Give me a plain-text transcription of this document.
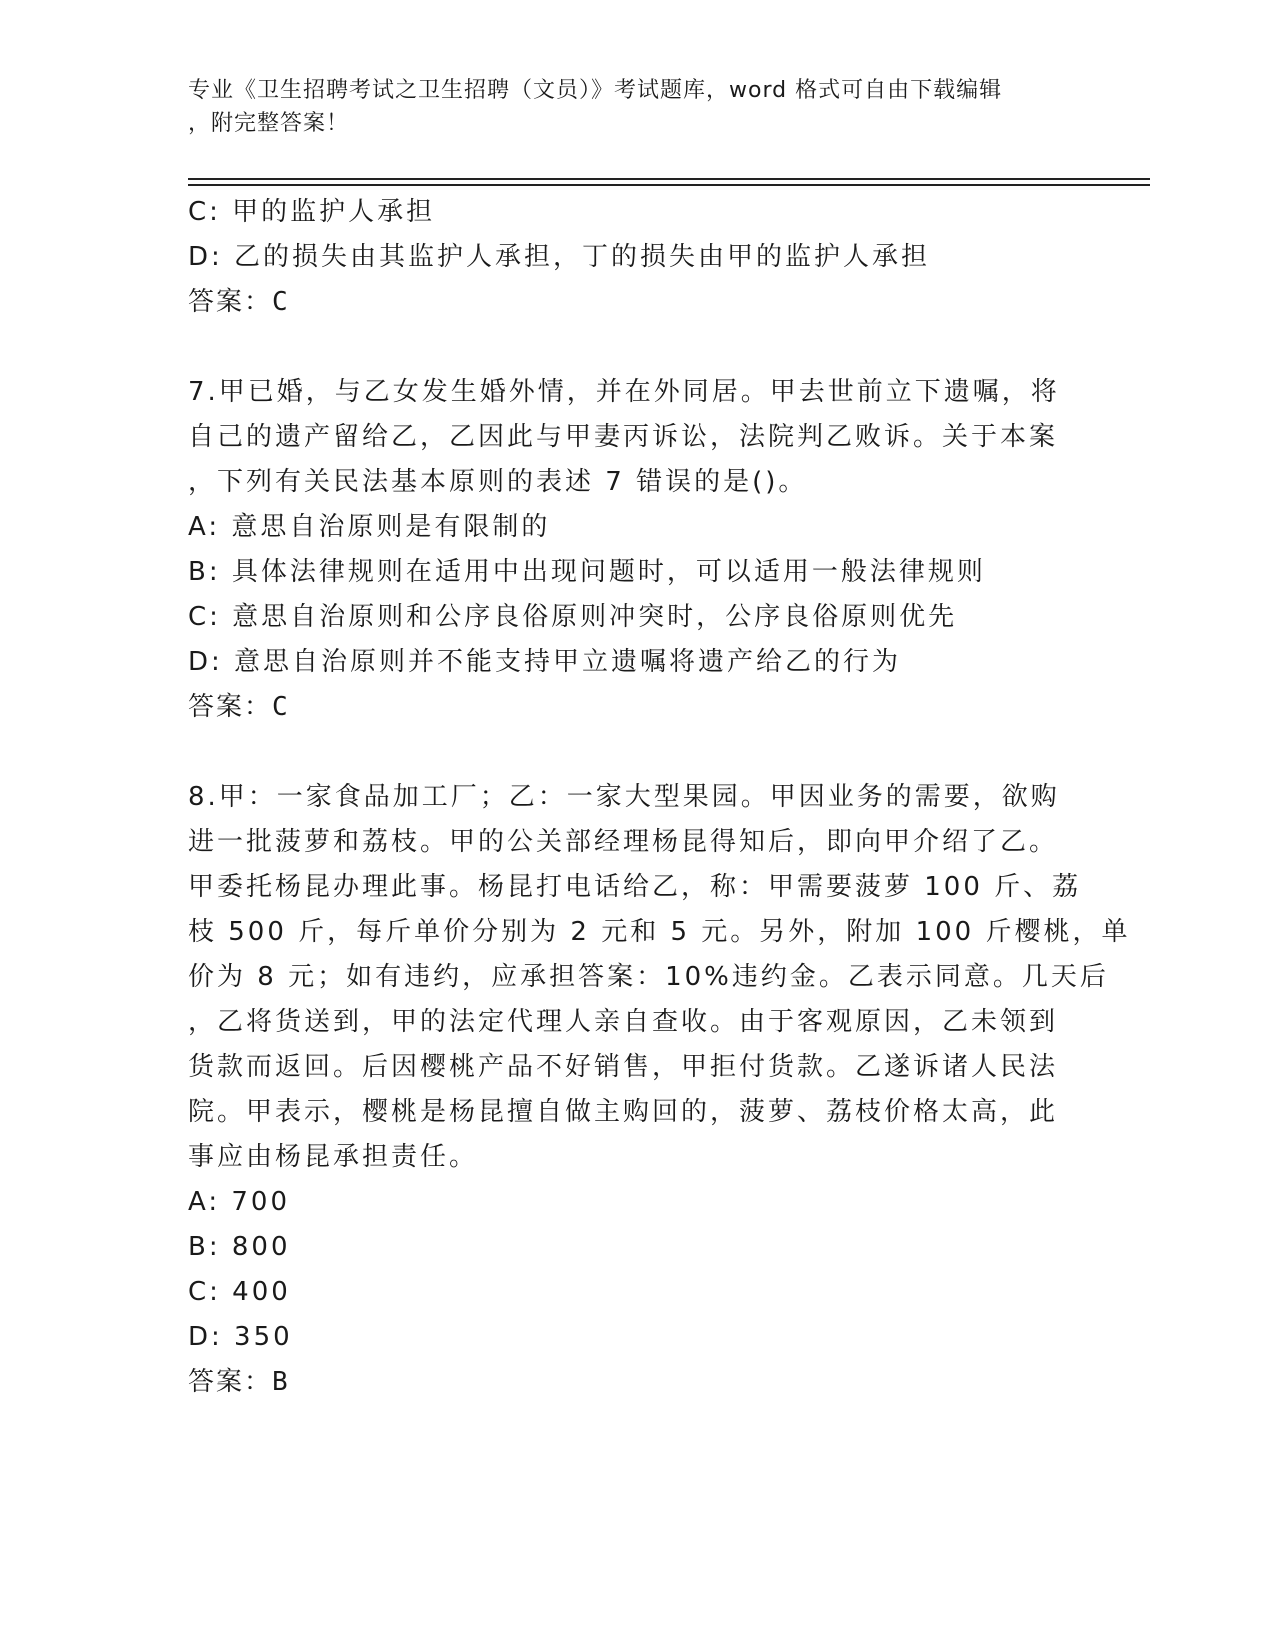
专业《卫生招聘考试之卫生招聘（文员）》考试题库，word 格式可自由下载编辑
，附完整答案！
C: 甲的监护人承担
D: 乙的损失由其监护人承担，丁的损失由甲的监护人承担
答案：C
7.甲已婚，与乙女发生婚外情，并在外同居。甲去世前立下遗嘱，将
自己的遗产留给乙，乙因此与甲妻丙诉讼，法院判乙败诉。关于本案
，下列有关民法基本原则的表述 7 错误的是()。
A: 意思自治原则是有限制的
B: 具体法律规则在适用中出现问题时，可以适用一般法律规则
C: 意思自治原则和公序良俗原则冲突时，公序良俗原则优先
D: 意思自治原则并不能支持甲立遗嘱将遗产给乙的行为
答案：C
8.甲：一家食品加工厂；乙：一家大型果园。甲因业务的需要，欲购
进一批菠萝和荔枝。甲的公关部经理杨昆得知后，即向甲介绍了乙。
甲委托杨昆办理此事。杨昆打电话给乙，称：甲需要菠萝 100 斤、荔
枝 500 斤，每斤单价分别为 2 元和 5 元。另外，附加 100 斤樱桃，单
价为 8 元；如有违约，应承担答案：10%违约金。乙表示同意。几天后
，乙将货送到，甲的法定代理人亲自查收。由于客观原因，乙未领到
货款而返回。后因樱桃产品不好销售，甲拒付货款。乙遂诉诸人民法
院。甲表示，樱桃是杨昆擅自做主购回的，菠萝、荔枝价格太高，此
事应由杨昆承担责任。
A: 700
B: 800
C: 400
D: 350
答案：B
